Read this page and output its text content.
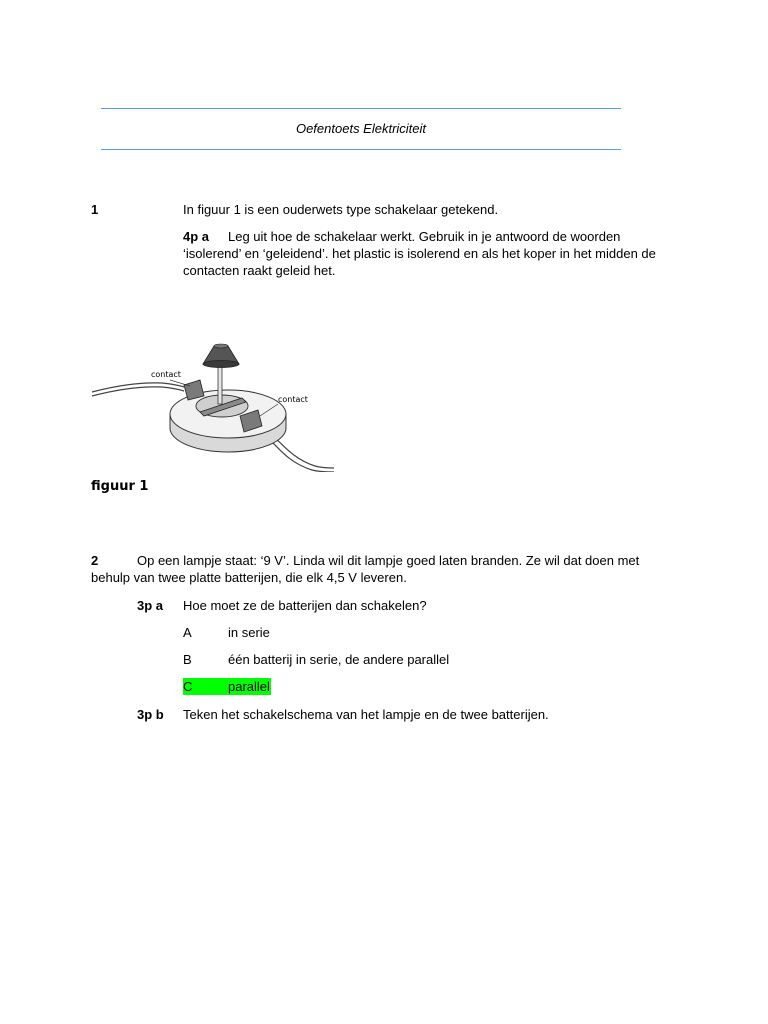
Oefentoets Elektriciteit
1	In figuur 1 is een ouderwets type schakelaar getekend.
4p a Leg uit hoe de schakelaar werkt. Gebruik in je antwoord de woorden
‘isolerend’ en ‘geleidend’. het plastic is isolerend en als het koper in het midden de
contacten raakt geleid het.
contact
contact
figuur 1
2	Op een lampje staat: ‘9 V’. Linda wil dit lampje goed laten branden. Ze wil dat doen met
behulp van twee platte batterijen, die elk 4,5 V leveren.
3p a Hoe moet ze de batterijen dan schakelen?
A	in serie
B	één batterij in serie, de andere parallel
C	parallel
3p b Teken het schakelschema van het lampje en de twee batterijen.
